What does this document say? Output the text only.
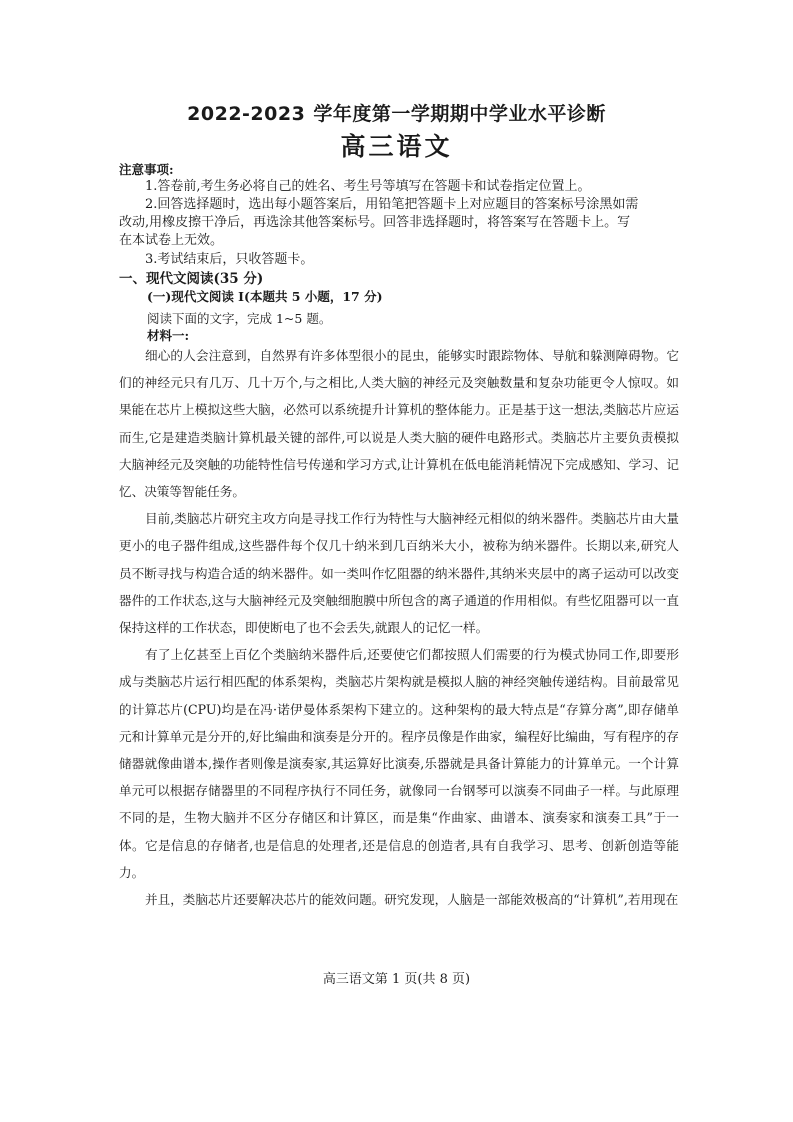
2022-2023 学年度第一学期期中学业水平诊断
高三语文
注意事项:
1.答卷前,考生务必将自己的姓名、考生号等填写在答题卡和试卷指定位置上。
2.回答选择题时，选出每小题答案后，用铅笔把答题卡上对应题目的答案标号涂黑如需
改动,用橡皮擦干净后，再选涂其他答案标号。回答非选择题时，将答案写在答题卡上。写
在本试卷上无效。
3.考试结束后，只收答题卡。
一、现代文阅读(35 分)
(一)现代文阅读 I(本题共 5 小题，17 分)
阅读下面的文字，完成 1~5 题。
材料一:

细心的人会注意到，自然界有许多体型很小的昆虫，能够实时跟踪物体、导航和躲测障碍物。它们的神经元只有几万、几十万个,与之相比,人类大脑的神经元及突触数量和复杂功能更令人惊叹。如果能在芯片上模拟这些大脑，必然可以系统提升计算机的整体能力。正是基于这一想法,类脑芯片应运而生,它是建造类脑计算机最关键的部件,可以说是人类大脑的硬件电路形式。类脑芯片主要负责模拟大脑神经元及突触的功能特性信号传递和学习方式,让计算机在低电能消耗情况下完成感知、学习、记忆、决策等智能任务。

目前,类脑芯片研究主攻方向是寻找工作行为特性与大脑神经元相似的纳米器件。类脑芯片由大量更小的电子器件组成,这些器件每个仅几十纳米到几百纳米大小，被称为纳米器件。长期以来,研究人员不断寻找与构造合适的纳米器件。如一类叫作忆阻器的纳米器件,其纳米夹层中的离子运动可以改变器件的工作状态,这与大脑神经元及突触细胞膜中所包含的离子通道的作用相似。有些忆阻器可以一直保持这样的工作状态，即使断电了也不会丢失,就跟人的记忆一样。

有了上亿甚至上百亿个类脑纳米器件后,还要使它们都按照人们需要的行为模式协同工作,即要形成与类脑芯片运行相匹配的体系架构，类脑芯片架构就是模拟人脑的神经突触传递结构。目前最常见的计算芯片(CPU)均是在冯·诺伊曼体系架构下建立的。这种架构的最大特点是“存算分离”,即存储单元和计算单元是分开的,好比编曲和演奏是分开的。程序员像是作曲家，编程好比编曲，写有程序的存储器就像曲谱本,操作者则像是演奏家,其运算好比演奏,乐器就是具备计算能力的计算单元。一个计算单元可以根据存储器里的不同程序执行不同任务，就像同一台钢琴可以演奏不同曲子一样。与此原理不同的是，生物大脑并不区分存储区和计算区，而是集“作曲家、曲谱本、演奏家和演奏工具”于一体。它是信息的存储者,也是信息的处理者,还是信息的创造者,具有自我学习、思考、创新创造等能力。

并且，类脑芯片还要解决芯片的能效问题。研究发现，人脑是一部能效极高的“计算机”,若用现在

高三语文第 1 页(共 8 页)
